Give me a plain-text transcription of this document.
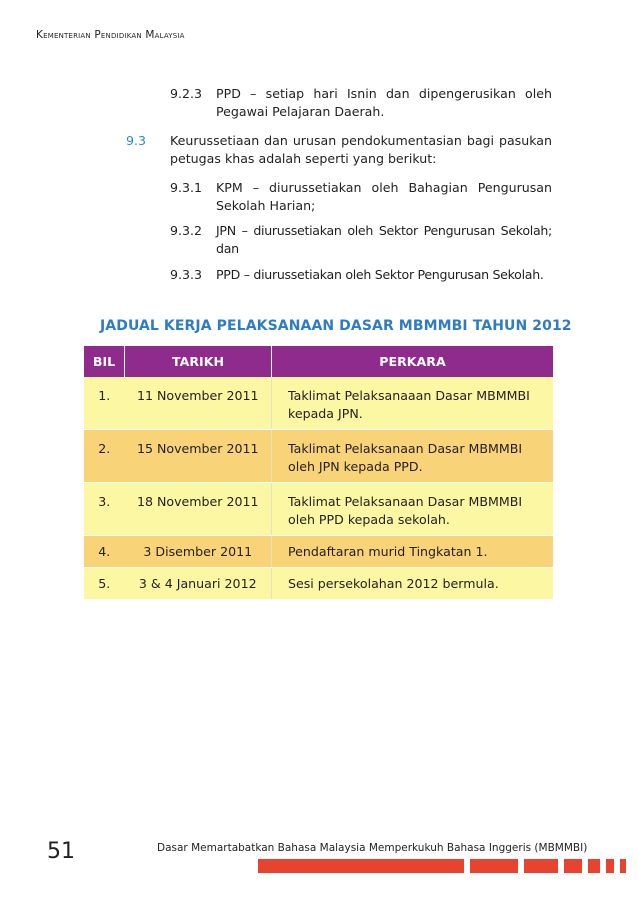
Kementerian Pendidikan Malaysia
9.2.3 PPD – setiap hari Isnin dan dipengerusikan oleh Pegawai Pelajaran Daerah.
9.3 Keurussetiaan dan urusan pendokumentasian bagi pasukan petugas khas adalah seperti yang berikut:
9.3.1 KPM – diurussetiakan oleh Bahagian Pengurusan Sekolah Harian;
9.3.2 JPN – diurussetiakan oleh Sektor Pengurusan Sekolah; dan
9.3.3 PPD – diurussetiakan oleh Sektor Pengurusan Sekolah.
JADUAL KERJA PELAKSANAAN DASAR MBMMBI TAHUN 2012
BIL	TARIKH	PERKARA
1.	11 November 2011	Taklimat Pelaksanaaan Dasar MBMMBI kepada JPN.
2.	15 November 2011	Taklimat Pelaksanaan Dasar MBMMBI oleh JPN kepada PPD.
3.	18 November 2011	Taklimat Pelaksanaan Dasar MBMMBI oleh PPD kepada sekolah.
4.	3 Disember 2011	Pendaftaran murid Tingkatan 1.
5.	3 & 4 Januari 2012	Sesi persekolahan 2012 bermula.
51	Dasar Memartabatkan Bahasa Malaysia Memperkukuh Bahasa Inggeris (MBMMBI)
